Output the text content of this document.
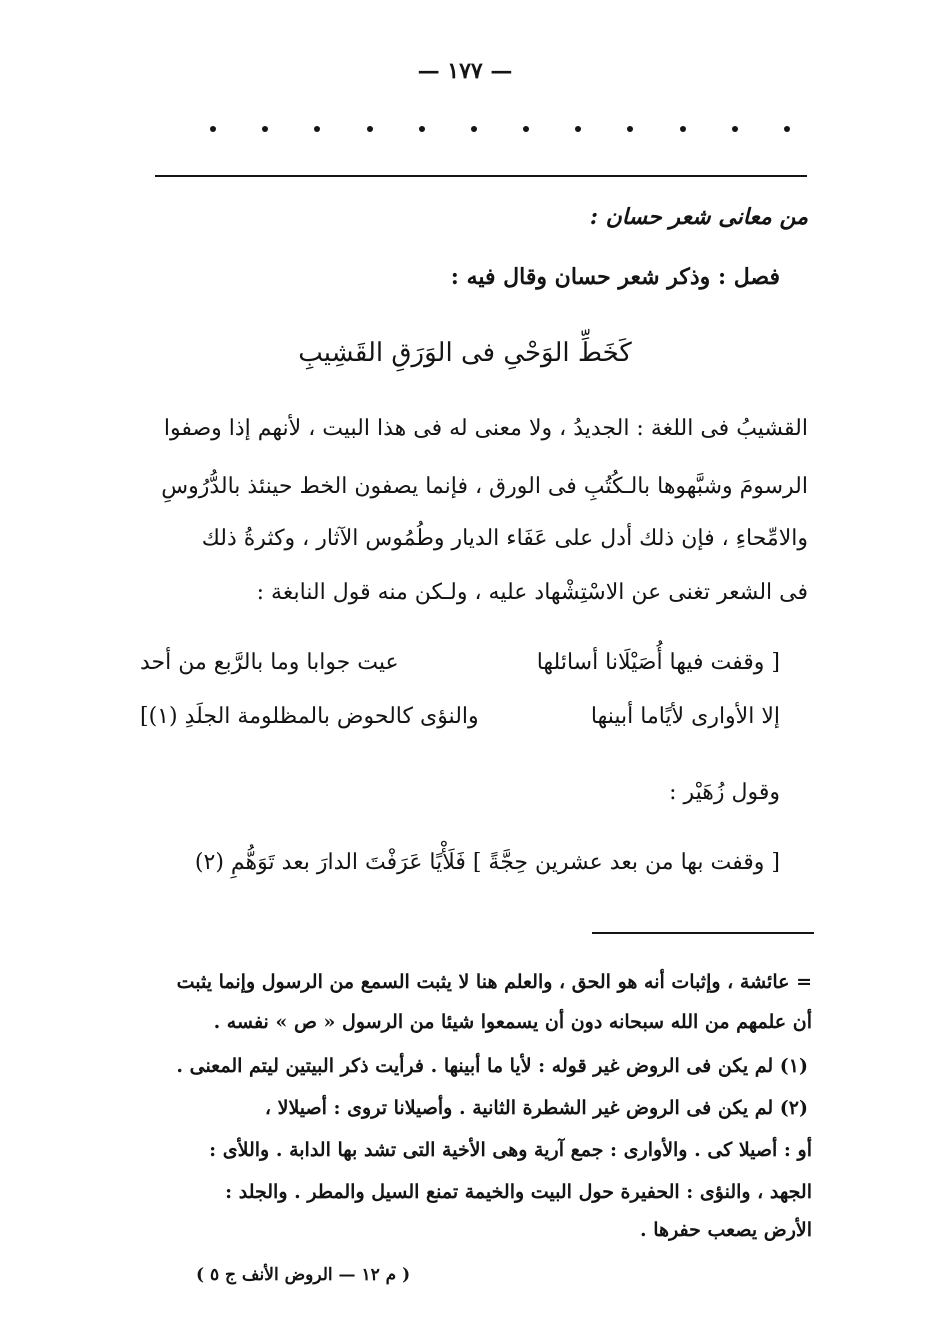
— ١٧٧ —
من معانى شعر حسان :
فصل : وذكر شعر حسان وقال فيه :
كَخَطِّ الوَحْىِ فى الوَرَقِ القَشِيبِ
القشيبُ فى اللغة : الجديدُ ، ولا معنى له فى هذا البيت ، لأنهم إذا وصفوا
الرسومَ وشبَّهوها بالـكُتُبِ فى الورق ، فإنما يصفون الخط حينئذ بالدُّرُوسِ
والامِّحاءِ ، فإن ذلك أدل على عَفَاء الديار وطُمُوس الآثار ، وكثرةُ ذلك
فى الشعر تغنى عن الاسْتِشْهاد عليه ، ولـكن منه قول النابغة :
[ وقفت فيها أُصَيْلَانا أسائلها
عيت جوابا وما بالرَّبع من أحد
إلا الأوارى لأيًاما أبينها
والنؤى كالحوض بالمظلومة الجلَدِ (١)]
وقول زُهَيْر :
[ وقفت بها من بعد عشرين حِجَّةً ] فَلَأْيًا عَرَفْتَ الدارَ بعد تَوَهُّمِ (٢)
= عائشة ، وإثبات أنه هو الحق ، والعلم هنا لا يثبت السمع من الرسول وإنما يثبت
أن علمهم من الله سبحانه دون أن يسمعوا شيئا من الرسول « ص » نفسه .
(١) لم يكن فى الروض غير قوله : لأيا ما أبينها . فرأيت ذكر البيتين ليتم المعنى .
(٢) لم يكن فى الروض غير الشطرة الثانية . وأصيلانا تروى : أصيلالا ،
أو : أصيلا كى . والأوارى : جمع آرية وهى الأخية التى تشد بها الدابة . واللأى :
الجهد ، والنؤى : الحفيرة حول البيت والخيمة تمنع السيل والمطر . والجلد :
الأرض يصعب حفرها .
( م ١٢ — الروض الأنف ج ٥ )
